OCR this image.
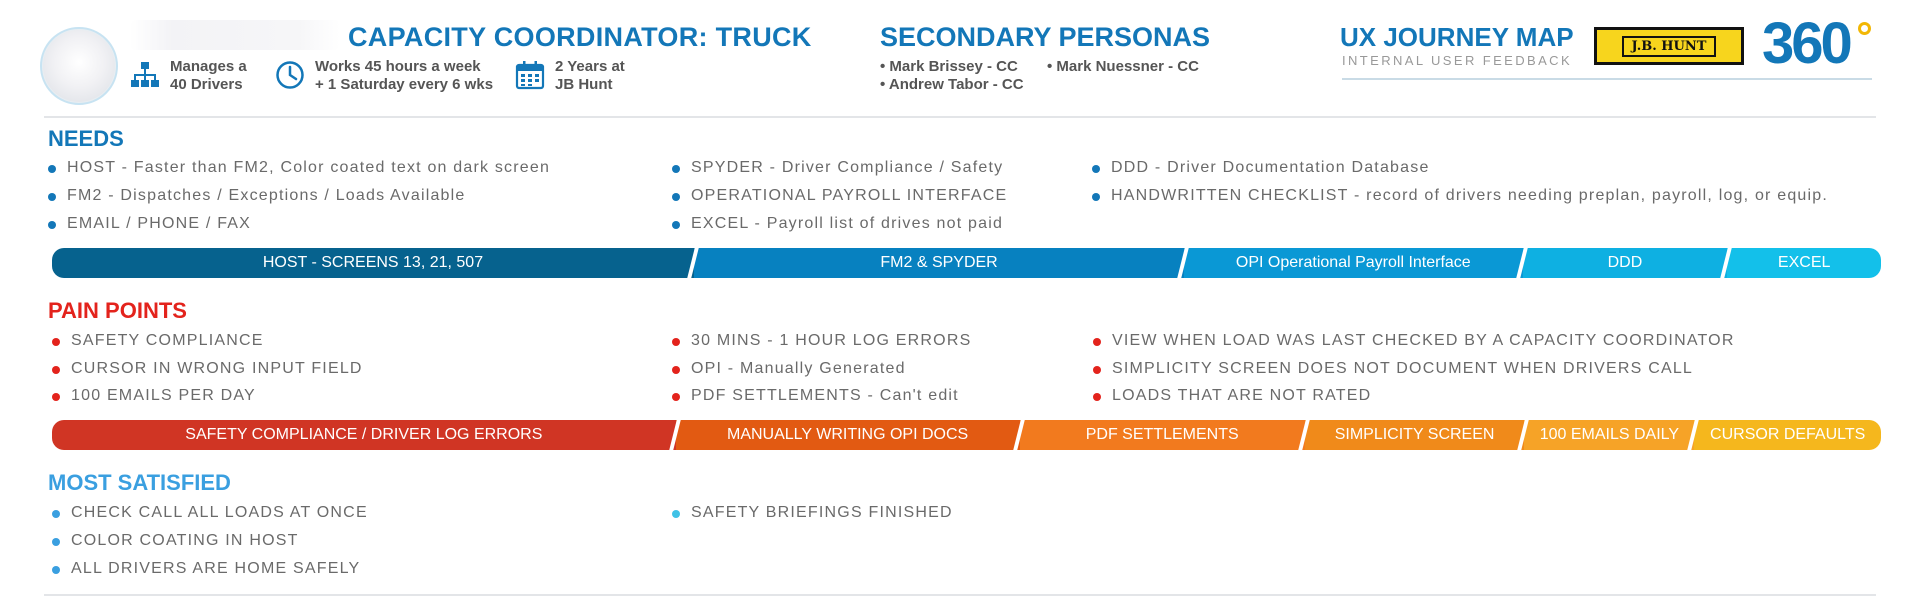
CAPACITY COORDINATOR: TRUCK
Manages a
40 Drivers
Works 45 hours a week
+ 1 Saturday every 6 wks
2 Years at
JB Hunt
SECONDARY PERSONAS
• Mark Brissey - CC • Mark Nuessner - CC
• Andrew Tabor - CC
UX JOURNEY MAP
INTERNAL USER FEEDBACK
J.B. HUNT 360
NEEDS
HOST - Faster than FM2, Color coated text on dark screen
FM2 - Dispatches / Exceptions / Loads Available
EMAIL / PHONE / FAX
SPYDER - Driver Compliance / Safety
OPERATIONAL PAYROLL INTERFACE
EXCEL - Payroll list of drives not paid
DDD - Driver Documentation Database
HANDWRITTEN CHECKLIST - record of drivers needing preplan, payroll, log, or equip.
HOST - SCREENS 13, 21, 507	FM2 & SPYDER	OPI Operational Payroll Interface	DDD	EXCEL
PAIN POINTS
SAFETY COMPLIANCE
CURSOR IN WRONG INPUT FIELD
100 EMAILS PER DAY
30 MINS - 1 HOUR LOG ERRORS
OPI - Manually Generated
PDF SETTLEMENTS - Can't edit
VIEW WHEN LOAD WAS LAST CHECKED BY A CAPACITY COORDINATOR
SIMPLICITY SCREEN DOES NOT DOCUMENT WHEN DRIVERS CALL
LOADS THAT ARE NOT RATED
SAFETY COMPLIANCE / DRIVER LOG ERRORS	MANUALLY WRITING OPI DOCS	PDF SETTLEMENTS	SIMPLICITY SCREEN	100 EMAILS DAILY	CURSOR DEFAULTS
MOST SATISFIED
CHECK CALL ALL LOADS AT ONCE
COLOR COATING IN HOST
ALL DRIVERS ARE HOME SAFELY
SAFETY BRIEFINGS FINISHED
